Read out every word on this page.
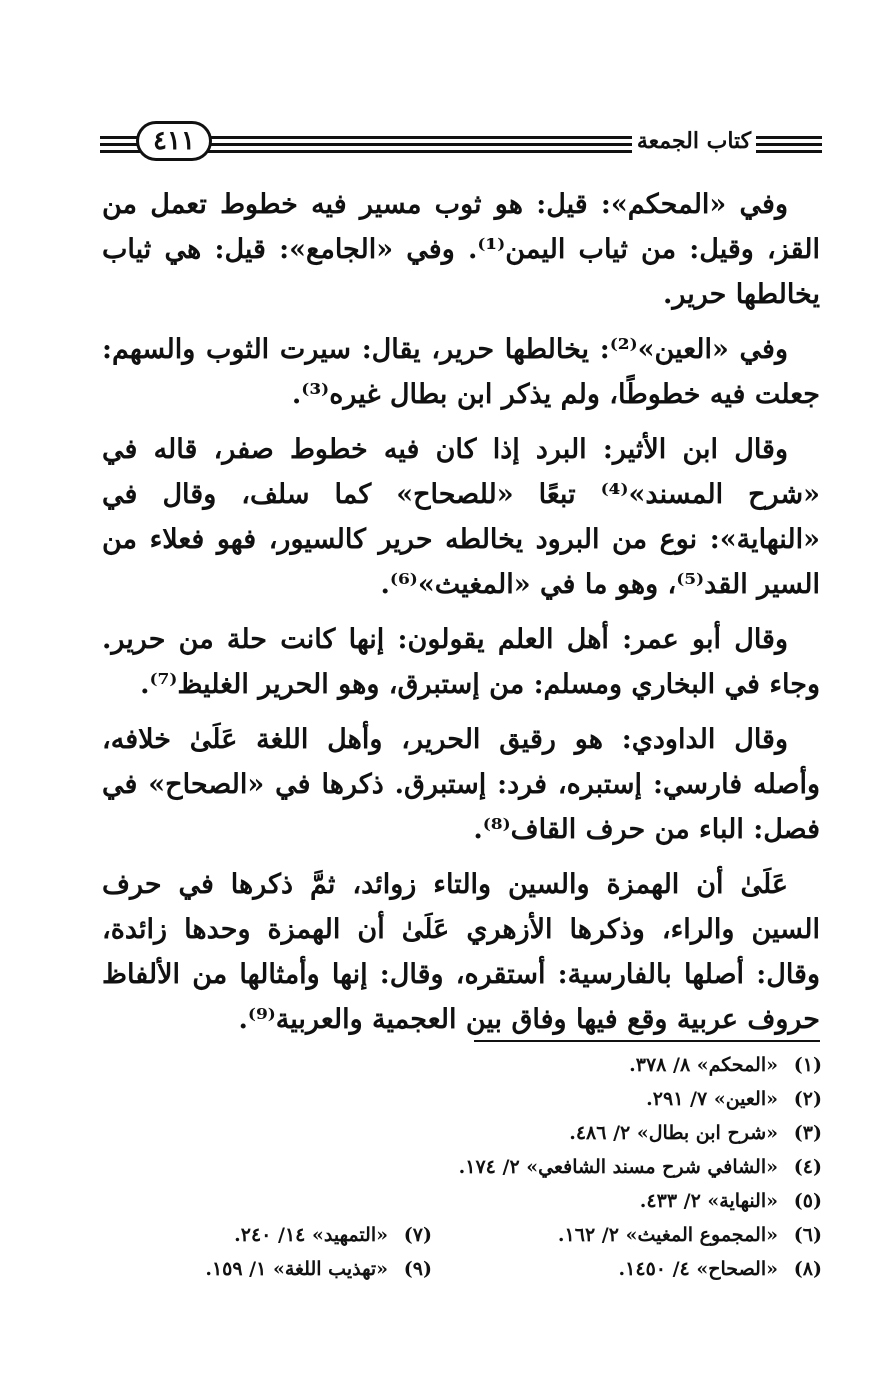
٤١١	كتاب الجمعة

وفي «المحكم»: قيل: هو ثوب مسير فيه خطوط تعمل من القز، وقيل: من ثياب اليمن⁽¹⁾. وفي «الجامع»: قيل: هي ثياب يخالطها حرير.

وفي «العين»⁽²⁾: يخالطها حرير، يقال: سيرت الثوب والسهم: جعلت فيه خطوطًا، ولم يذكر ابن بطال غيره⁽³⁾.

وقال ابن الأثير: البرد إذا كان فيه خطوط صفر، قاله في «شرح المسند»⁽⁴⁾ تبعًا «للصحاح» كما سلف، وقال في «النهاية»: نوع من البرود يخالطه حرير كالسيور، فهو فعلاء من السير القد⁽⁵⁾، وهو ما في «المغيث»⁽⁶⁾.

وقال أبو عمر: أهل العلم يقولون: إنها كانت حلة من حرير. وجاء في البخاري ومسلم: من إستبرق، وهو الحرير الغليظ⁽⁷⁾.

وقال الداودي: هو رقيق الحرير، وأهل اللغة عَلَىٰ خلافه، وأصله فارسي: إستبره، فرد: إستبرق. ذكرها في «الصحاح» في فصل: الباء من حرف القاف⁽⁸⁾.

عَلَىٰ أن الهمزة والسين والتاء زوائد، ثمَّ ذكرها في حرف السين والراء، وذكرها الأزهري عَلَىٰ أن الهمزة وحدها زائدة، وقال: أصلها بالفارسية: أستقره، وقال: إنها وأمثالها من الألفاظ حروف عربية وقع فيها وفاق بين العجمية والعربية⁽⁹⁾.

(١)
«المحكم» ٨/ ٣٧٨.
(٢)
«العين» ٧/ ٢٩١.
(٣)
«شرح ابن بطال» ٢/ ٤٨٦.
(٤)
«الشافي شرح مسند الشافعي» ٢/ ١٧٤.
(٥)
«النهاية» ٢/ ٤٣٣.
(٦)
«المجموع المغيث» ٢/ ١٦٢.
(٧)
«التمهيد» ١٤/ ٢٤٠.
(٨)
«الصحاح» ٤/ ١٤٥٠.
(٩)
«تهذيب اللغة» ١/ ١٥٩.
